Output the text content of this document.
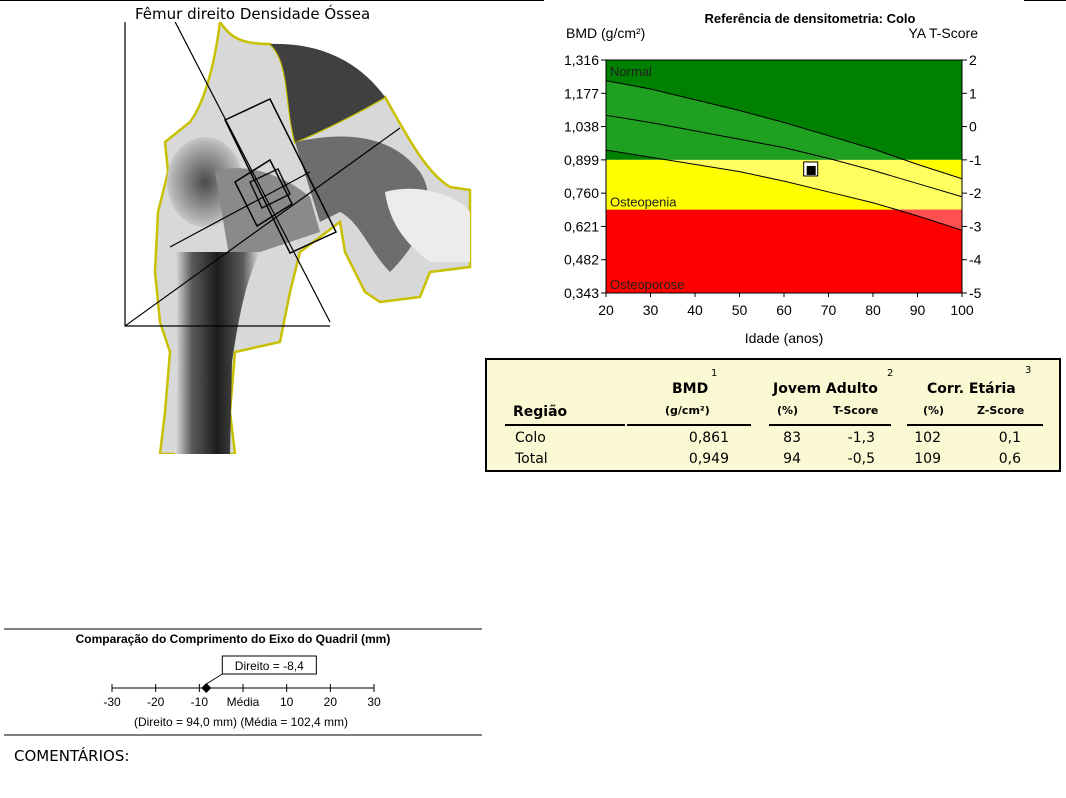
Fêmur direito Densidade Óssea	Referência de densitometria: Colo
BMD (g/cm²)	YA T-Score
Idade (anos)
Normal
Osteopenia
Osteoporose
1,316
1,177
1,038
0,899
0,760
0,621
0,482
0,343
2
1
0
-1
-2
-3
-4
-5
20 30 40 50 60 70 80 90 100
1	2	3
BMD	Jovem Adulto	Corr. Etária
Região	(g/cm²)	(%)	T-Score	(%)	Z-Score
Colo	0,861	83	-1,3	102	0,1
Total	0,949	94	-0,5	109	0,6
Comparação do Comprimento do Eixo do Quadril (mm)
-30 -20 -10 Média 10	20	30
Direito = -8,4
(Direito = 94,0 mm) (Média = 102,4 mm)
COMENTÁRIOS:
